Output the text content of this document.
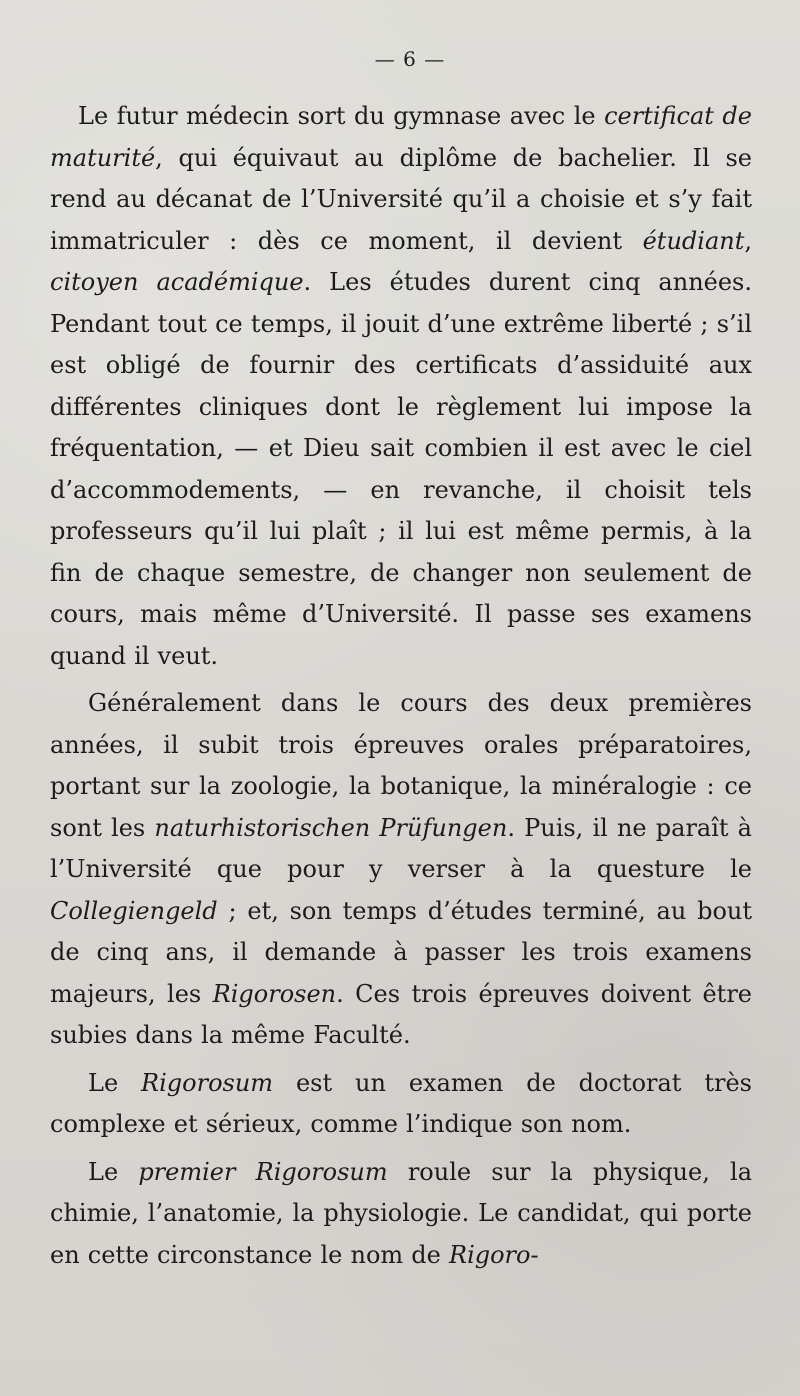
— 6 —

Le futur médecin sort du gymnase avec le certificat de maturité, qui équivaut au diplôme de bachelier. Il se rend au décanat de l’Université qu’il a choisie et s’y fait immatriculer : dès ce moment, il devient étudiant, citoyen académique. Les études durent cinq années. Pendant tout ce temps, il jouit d’une extrême liberté ; s’il est obligé de fournir des certificats d’assiduité aux différentes cliniques dont le règlement lui impose la fréquentation, — et Dieu sait combien il est avec le ciel d’accommodements, — en revanche, il choisit tels professeurs qu’il lui plaît ; il lui est même permis, à la fin de chaque semestre, de changer non seulement de cours, mais même d’Université. Il passe ses examens quand il veut.

Généralement dans le cours des deux premières années, il subit trois épreuves orales préparatoires, portant sur la zoologie, la botanique, la minéralogie : ce sont les naturhistorischen Prüfungen. Puis, il ne paraît à l’Université que pour y verser à la questure le Collegiengeld ; et, son temps d’études terminé, au bout de cinq ans, il demande à passer les trois examens majeurs, les Rigorosen. Ces trois épreuves doivent être subies dans la même Faculté.

Le Rigorosum est un examen de doctorat très complexe et sérieux, comme l’indique son nom.

Le premier Rigorosum roule sur la physique, la chimie, l’anatomie, la physiologie. Le candidat, qui porte en cette circonstance le nom de Rigoro-
